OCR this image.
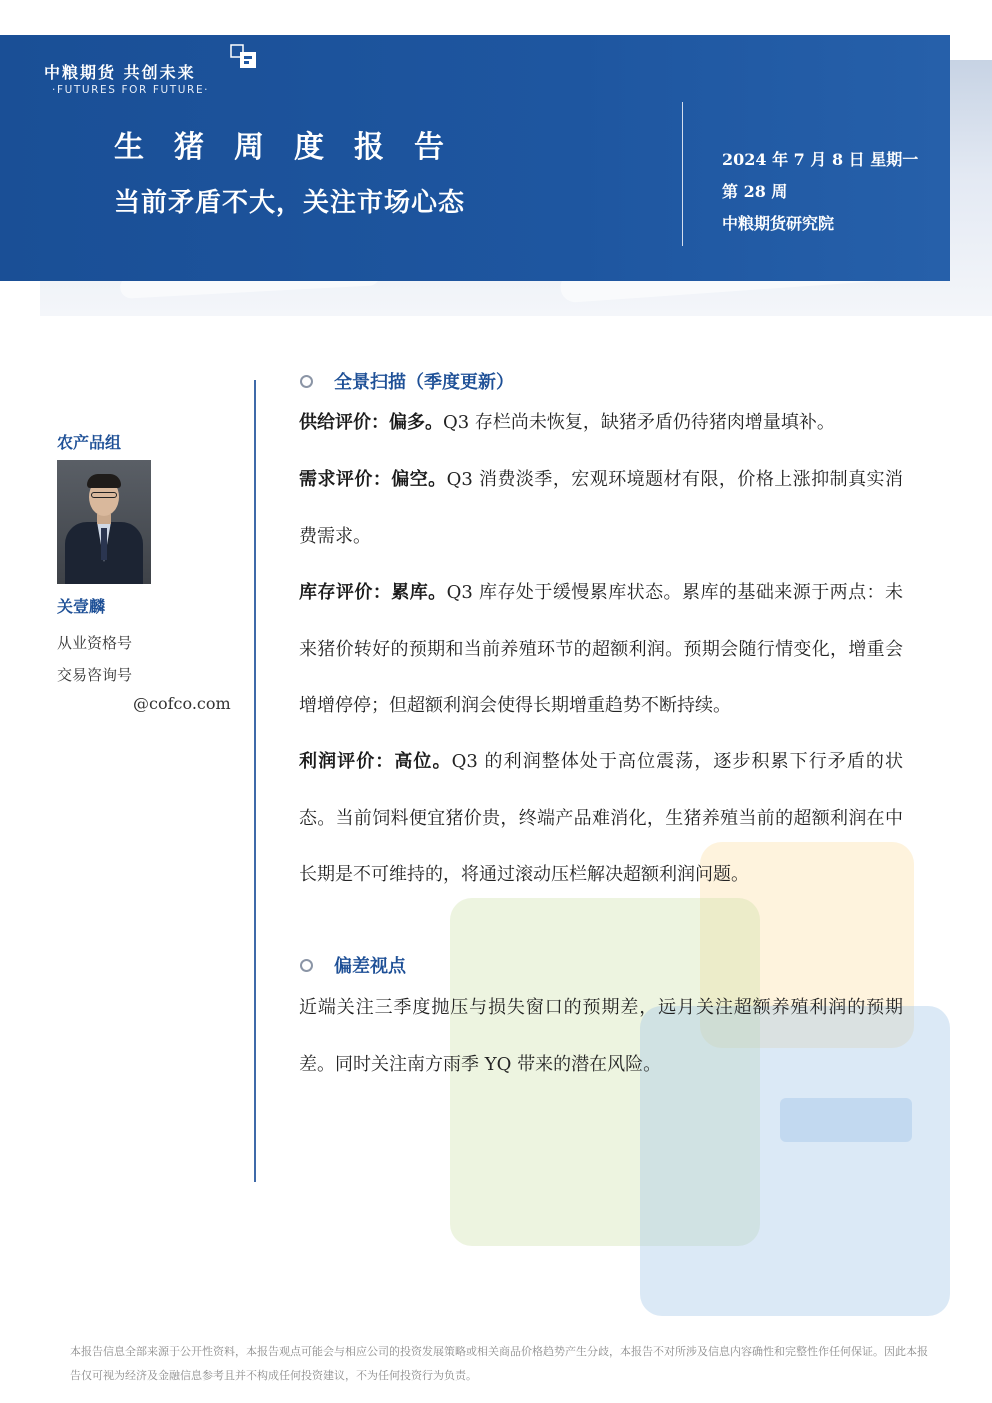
中粮期货 共创未来
·FUTURES FOR FUTURE·
生猪周度报告
当前矛盾不大，关注市场心态
2024 年 7 月 8 日 星期一
第 28 周
中粮期货研究院
农产品组
关壹麟
从业资格号
交易咨询号
@cofco.com
全景扫描（季度更新）
供给评价：偏多。Q3 存栏尚未恢复，缺猪矛盾仍待猪肉增量填补。
需求评价：偏空。Q3 消费淡季，宏观环境题材有限，价格上涨抑制真实消费需求。
库存评价：累库。Q3 库存处于缓慢累库状态。累库的基础来源于两点：未来猪价转好的预期和当前养殖环节的超额利润。预期会随行情变化，增重会增增停停；但超额利润会使得长期增重趋势不断持续。
利润评价：高位。Q3 的利润整体处于高位震荡，逐步积累下行矛盾的状态。当前饲料便宜猪价贵，终端产品难消化，生猪养殖当前的超额利润在中长期是不可维持的，将通过滚动压栏解决超额利润问题。
偏差视点
近端关注三季度抛压与损失窗口的预期差，远月关注超额养殖利润的预期差。同时关注南方雨季 YQ 带来的潜在风险。
本报告信息全部来源于公开性资料，本报告观点可能会与相应公司的投资发展策略或相关商品价格趋势产生分歧，本报告不对所涉及信息内容确性和完整性作任何保证。因此本报告仅可视为经济及金融信息参考且并不构成任何投资建议，不为任何投资行为负责。
